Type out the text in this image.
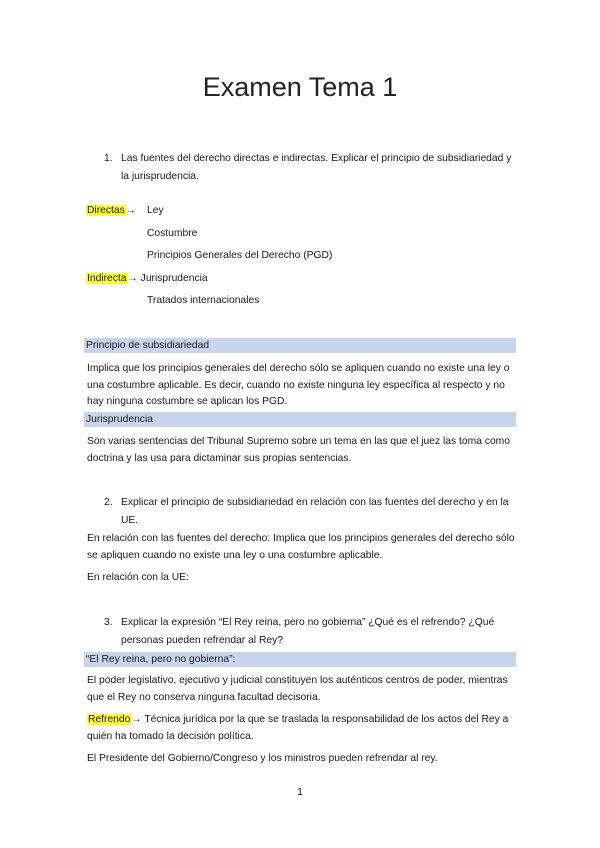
Examen Tema 1
1. Las fuentes del derecho directas e indirectas. Explicar el principio de subsidiariedad y la jurisprudencia.
Directas→ Ley
Costumbre
Principios Generales del Derecho (PGD)
Indirecta→ Jurisprudencia
Tratados internacionales
Principio de subsidiariedad
Implica que los principios generales del derecho sólo se apliquen cuando no existe una ley o una costumbre aplicable. Es decir, cuando no existe ninguna ley específica al respecto y no hay ninguna costumbre se aplican los PGD.
Jurisprudencia
Son varias sentencias del Tribunal Supremo sobre un tema en las que el juez las toma como doctrina y las usa para dictaminar sus propias sentencias.
2. Explicar el principio de subsidiariedad en relación con las fuentes del derecho y en la UE.
En relación con las fuentes del derecho: Implica que los principios generales del derecho sólo se apliquen cuando no existe una ley o una costumbre aplicable.
En relación con la UE:
3. Explicar la expresión “El Rey reina, pero no gobierna” ¿Qué es el refrendo? ¿Qué personas pueden refrendar al Rey?
“El Rey reina, pero no gobierna”:
El poder legislativo, ejecutivo y judicial constituyen los auténticos centros de poder, mientras que el Rey no conserva ninguna facultad decisoria.
Refrendo→ Técnica jurídica por la que se traslada la responsabilidad de los actos del Rey a quién ha tomado la decisión política.
El Presidente del Gobierno/Congreso y los ministros pueden refrendar al rey.
1
